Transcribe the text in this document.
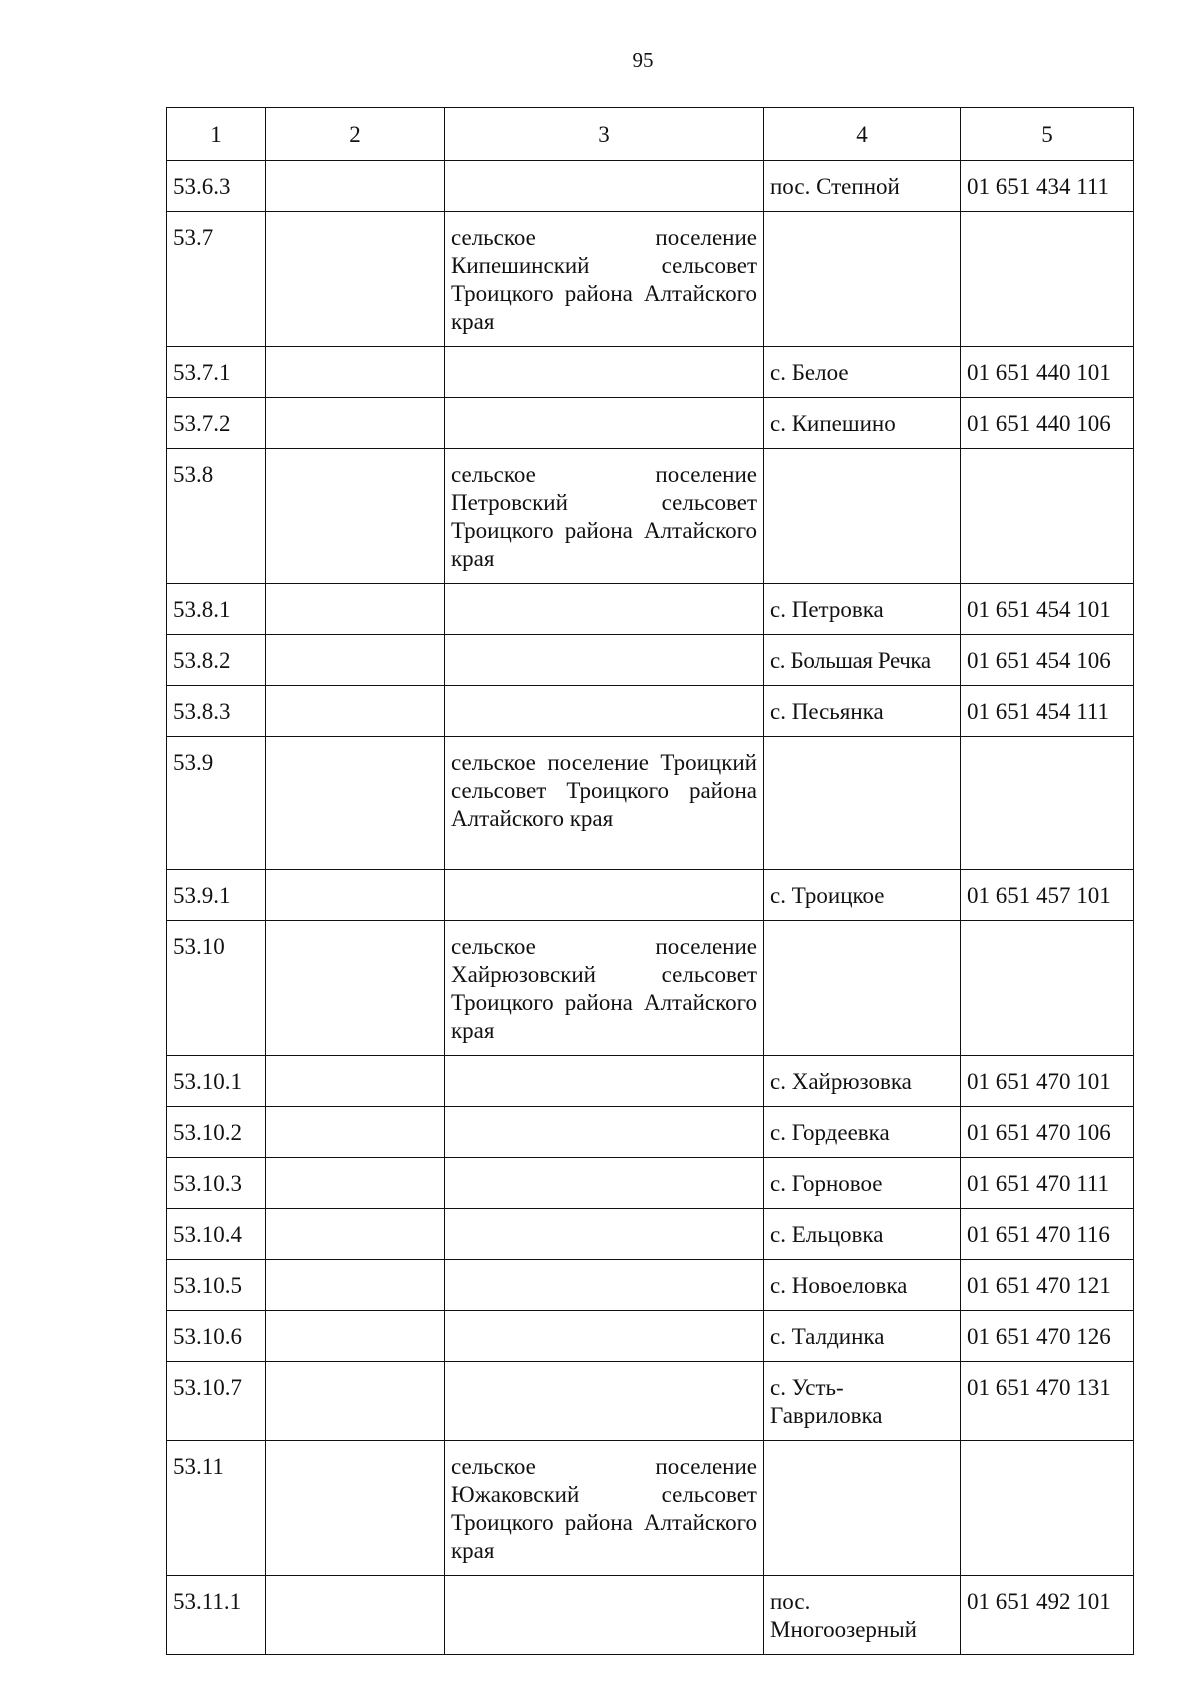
95
1	2	3	4	5
53.6.3			пос. Степной	01 651 434 111
53.7		сельское поселение Кипешинский сельсовет Троицкого района Алтайского края		
53.7.1			с. Белое	01 651 440 101
53.7.2			с. Кипешино	01 651 440 106
53.8		сельское поселение Петровский сельсовет Троицкого района Алтайского края		
53.8.1			с. Петровка	01 651 454 101
53.8.2			с. Большая Речка	01 651 454 106
53.8.3			с. Песьянка	01 651 454 111
53.9		сельское поселение Троицкий сельсовет Троицкого района Алтайского края		
53.9.1			с. Троицкое	01 651 457 101
53.10		сельское поселение Хайрюзовский сельсовет Троицкого района Алтайского края		
53.10.1			с. Хайрюзовка	01 651 470 101
53.10.2			с. Гордеевка	01 651 470 106
53.10.3			с. Горновое	01 651 470 111
53.10.4			с. Ельцовка	01 651 470 116
53.10.5			с. Новоеловка	01 651 470 121
53.10.6			с. Талдинка	01 651 470 126
53.10.7			с. Усть-Гавриловка	01 651 470 131
53.11		сельское поселение Южаковский сельсовет Троицкого района Алтайского края		
53.11.1			пос. Многоозерный	01 651 492 101
